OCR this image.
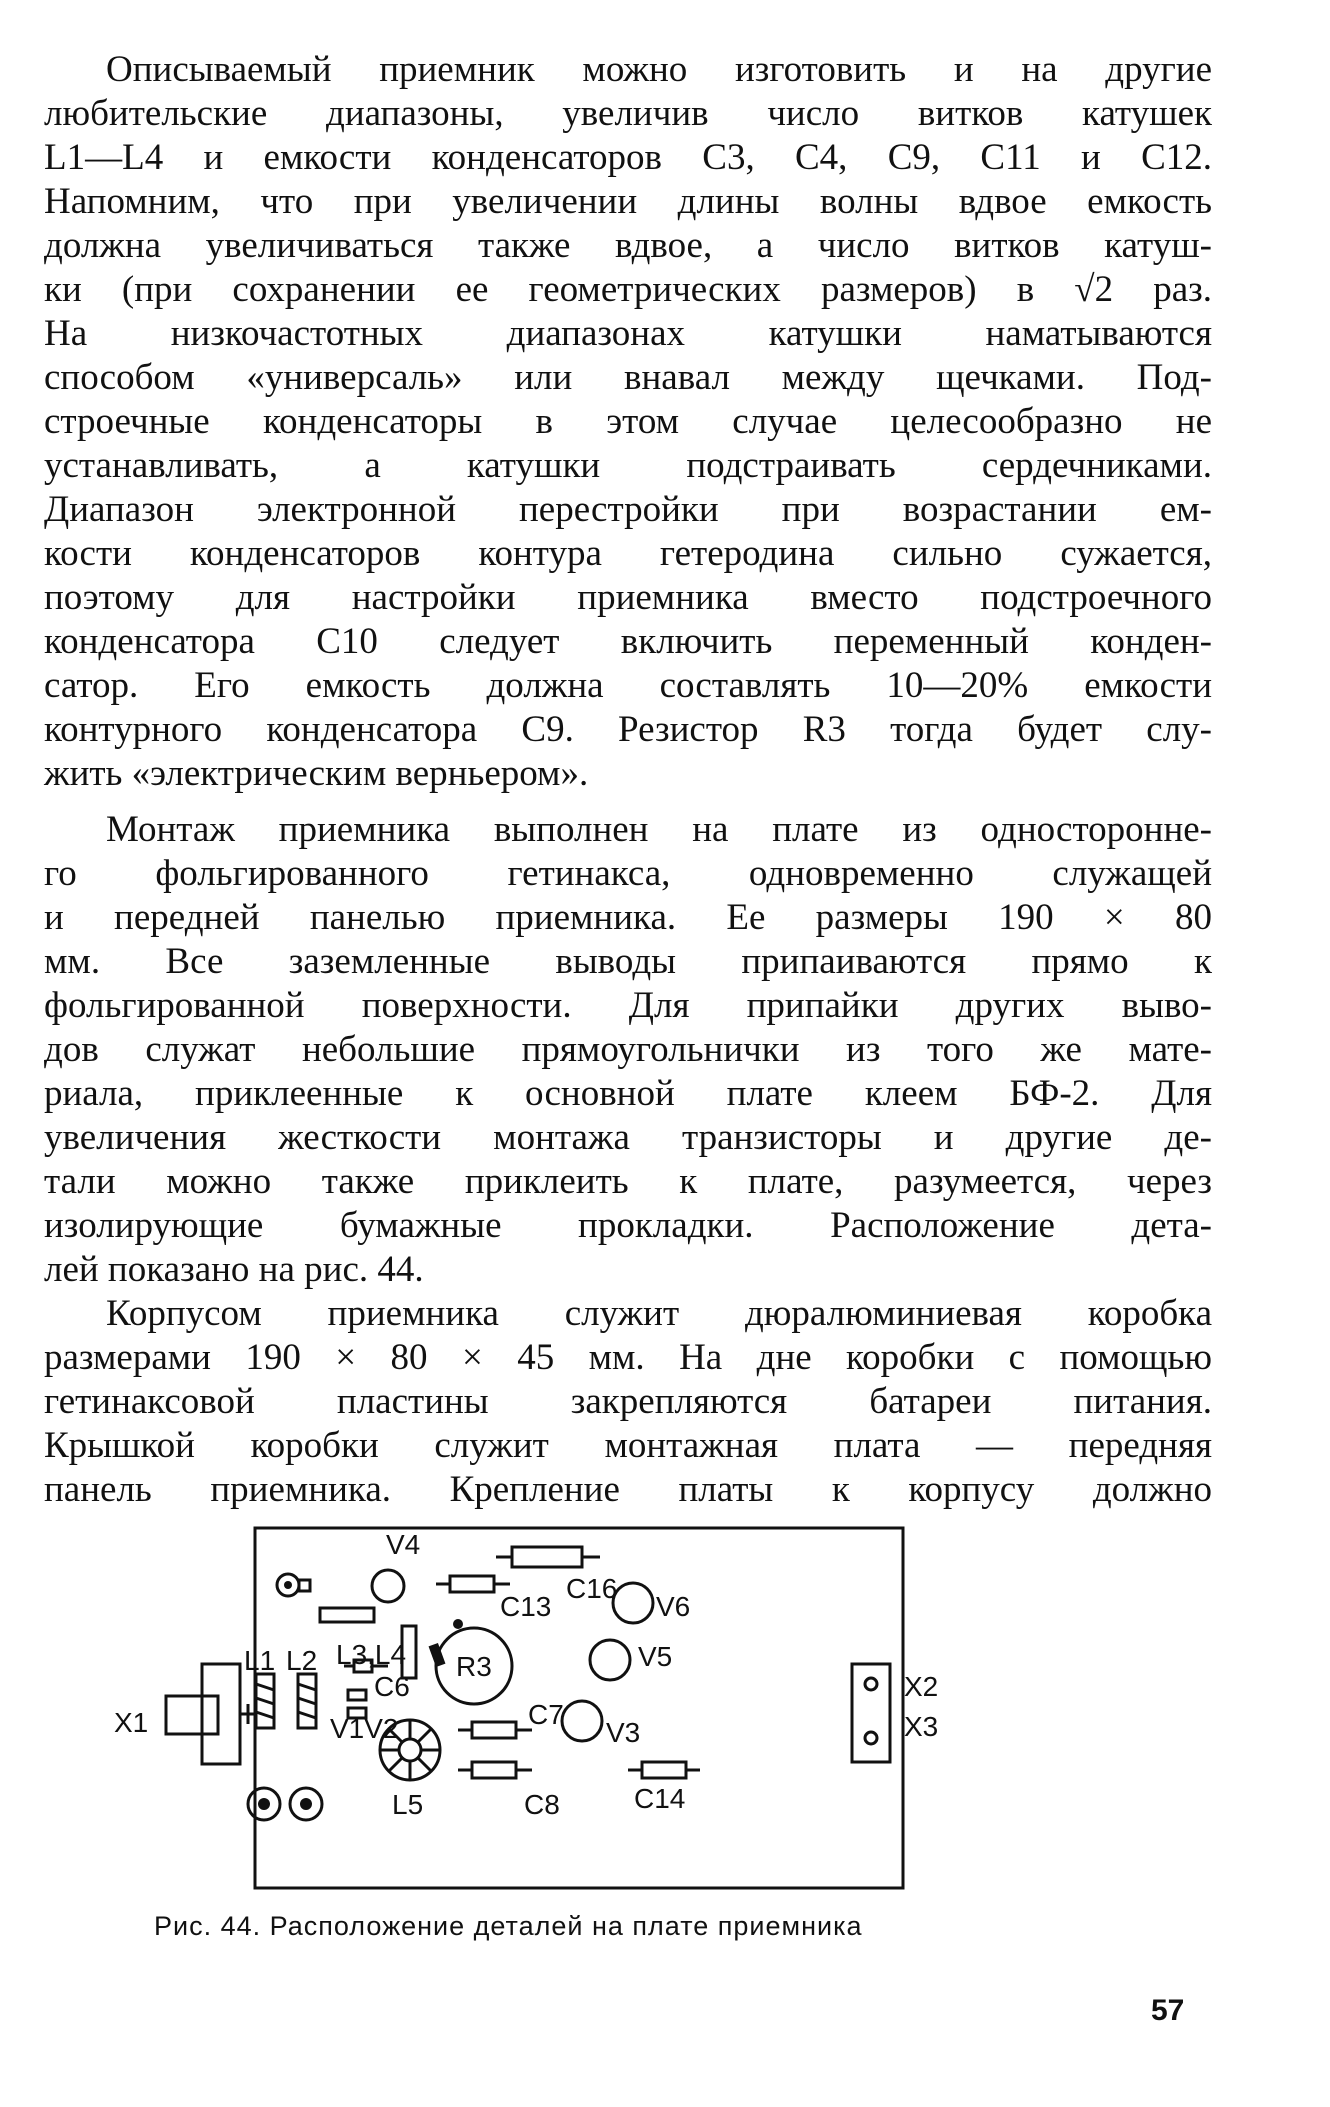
Описываемый приемник можно изготовить и на другие
любительские диапазоны, увеличив число витков катушек
L1—L4 и емкости конденсаторов C3, C4, C9, C11 и C12.
Напомним, что при увеличении длины волны вдвое емкость
должна увеличиваться также вдвое, а число витков катуш-
ки (при сохранении ее геометрических размеров) в √2 раз.
На низкочастотных диапазонах катушки наматываются
способом «универсаль» или внавал между щечками. Под-
строечные конденсаторы в этом случае целесообразно не
устанавливать, а катушки подстраивать сердечниками.
Диапазон электронной перестройки при возрастании ем-
кости конденсаторов контура гетеродина сильно сужается,
поэтому для настройки приемника вместо подстроечного
конденсатора C10 следует включить переменный конден-
сатор. Его емкость должна составлять 10—20% емкости
контурного конденсатора C9. Резистор R3 тогда будет слу-
жить «электрическим верньером».
Монтаж приемника выполнен на плате из односторонне-
го фольгированного гетинакса, одновременно служащей
и передней панелью приемника. Ее размеры 190 × 80
мм. Все заземленные выводы припаиваются прямо к
фольгированной поверхности. Для припайки других выво-
дов служат небольшие прямоугольнички из того же мате-
риала, приклеенные к основной плате клеем БФ-2. Для
увеличения жесткости монтажа транзисторы и другие де-
тали можно также приклеить к плате, разумеется, через
изолирующие бумажные прокладки. Расположение дета-
лей показано на рис. 44.
Корпусом приемника служит дюралюминиевая коробка
размерами 190 × 80 × 45 мм. На дне коробки с помощью
гетинаксовой пластины закрепляются батареи питания.
Крышкой коробки служит монтажная плата — передняя
панель приемника. Крепление платы к корпусу должно
V4
C16
V6
C13
L3,L4
C6
X1
L1 L2	R3	V5
X2
X3
C7
V1V2	V3
L5	C8	C14

Рис. 44. Расположение деталей на плате приемника

57
